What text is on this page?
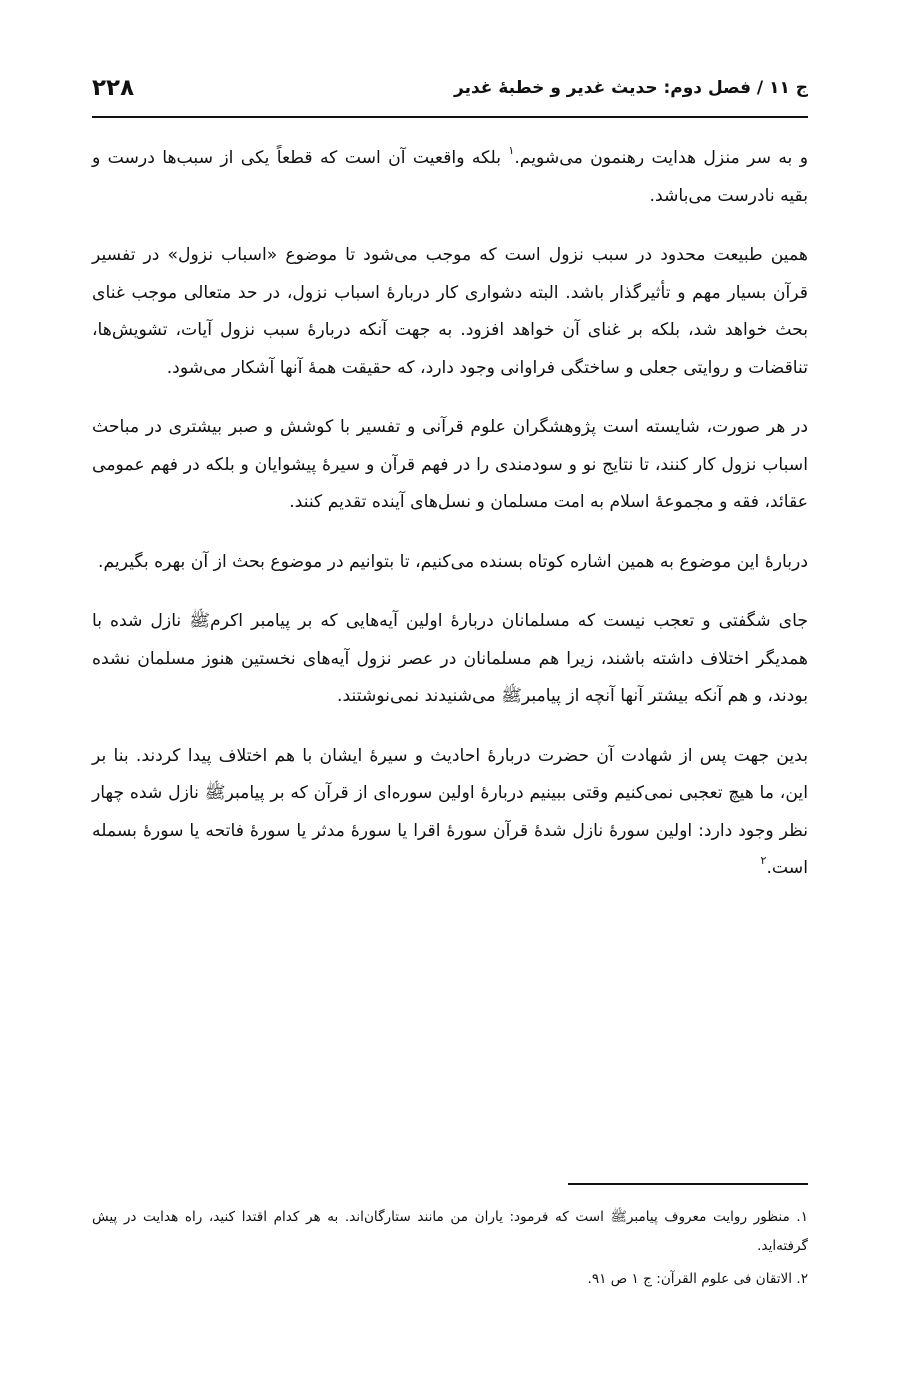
ج ۱۱ / فصل دوم: حدیث غدیر و خطبهٔ غدیر
۲۲۸

و به سر منزل هدایت رهنمون می‌شویم.$^۱$ بلکه واقعیت آن است که قطعاً یکی از سبب‌ها درست و بقیه نادرست می‌باشد.

همین طبیعت محدود در سبب نزول است که موجب می‌شود تا موضوع «اسباب نزول» در تفسیر قرآن بسیار مهم و تأثیرگذار باشد. البته دشواری کار دربارهٔ اسباب نزول، در حد متعالی موجب غنای بحث خواهد شد، بلکه بر غنای آن خواهد افزود. به جهت آنکه دربارهٔ سبب نزول آیات، تشویش‌ها، تناقضات و روایتی جعلی و ساختگی فراوانی وجود دارد، که حقیقت همهٔ آنها آشکار می‌شود.

در هر صورت، شایسته است پژوهشگران علوم قرآنی و تفسیر با کوشش و صبر بیشتری در مباحث اسباب نزول کار کنند، تا نتایج نو و سودمندی را در فهم قرآن و سیرهٔ پیشوایان و بلکه در فهم عمومی عقائد، فقه و مجموعهٔ اسلام به امت مسلمان و نسل‌های آینده تقدیم کنند.

دربارهٔ این موضوع به همین اشاره کوتاه بسنده می‌کنیم، تا بتوانیم در موضوع بحث از آن بهره بگیریم.

جای شگفتی و تعجب نیست که مسلمانان دربارهٔ اولین آیه‌هایی که بر پیامبر اکرمﷺ نازل شده با همدیگر اختلاف داشته باشند، زیرا هم مسلمانان در عصر نزول آیه‌های نخستین هنوز مسلمان نشده بودند، و هم آنکه بیشتر آنها آنچه از پیامبرﷺ می‌شنیدند نمی‌نوشتند.

بدین جهت پس از شهادت آن حضرت دربارهٔ احادیث و سیرهٔ ایشان با هم اختلاف پیدا کردند. بنا بر این، ما هیچ تعجبی نمی‌کنیم وقتی ببینیم دربارهٔ اولین سوره‌ای از قرآن که بر پیامبرﷺ نازل شده چهار نظر وجود دارد: اولین سورهٔ نازل شدهٔ قرآن سورهٔ اقرا یا سورهٔ مدثر یا سورهٔ فاتحه یا سورهٔ بسمله است.$^۲$

۱. منظور روایت معروف پیامبرﷺ است که فرمود: یاران من مانند ستارگان‌اند. به هر کدام اقتدا کنید، راه هدایت در پیش گرفته‌اید.

۲. الاتقان فی علوم القرآن: ج ۱ ص ۹۱.
